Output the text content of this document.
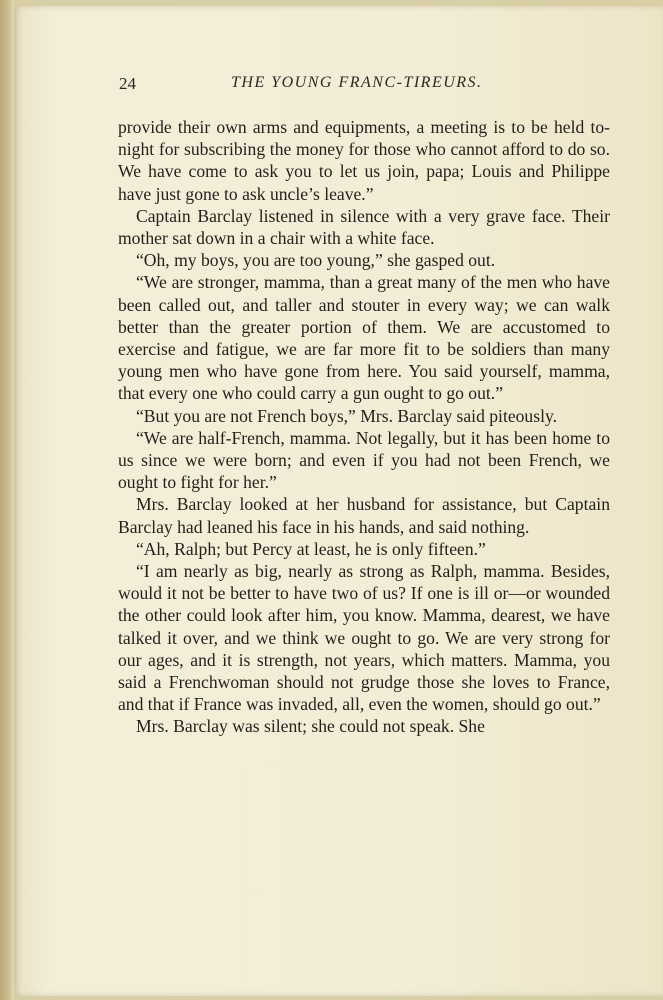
24	THE YOUNG FRANC-TIREURS.

provide their own arms and equipments, a meeting is to be held to-night for subscribing the money for those who cannot afford to do so. We have come to ask you to let us join, papa; Louis and Philippe have just gone to ask uncle’s leave.”

Captain Barclay listened in silence with a very grave face. Their mother sat down in a chair with a white face.

“Oh, my boys, you are too young,” she gasped out.

“We are stronger, mamma, than a great many of the men who have been called out, and taller and stouter in every way; we can walk better than the greater portion of them. We are accustomed to exercise and fatigue, we are far more fit to be soldiers than many young men who have gone from here. You said yourself, mamma, that every one who could carry a gun ought to go out.”

“But you are not French boys,” Mrs. Barclay said piteously.

“We are half-French, mamma. Not legally, but it has been home to us since we were born; and even if you had not been French, we ought to fight for her.”

Mrs. Barclay looked at her husband for assistance, but Captain Barclay had leaned his face in his hands, and said nothing.

“Ah, Ralph; but Percy at least, he is only fifteen.”

“I am nearly as big, nearly as strong as Ralph, mamma. Besides, would it not be better to have two of us? If one is ill or—or wounded the other could look after him, you know. Mamma, dearest, we have talked it over, and we think we ought to go. We are very strong for our ages, and it is strength, not years, which matters. Mamma, you said a Frenchwoman should not grudge those she loves to France, and that if France was invaded, all, even the women, should go out.”

Mrs. Barclay was silent; she could not speak. She
